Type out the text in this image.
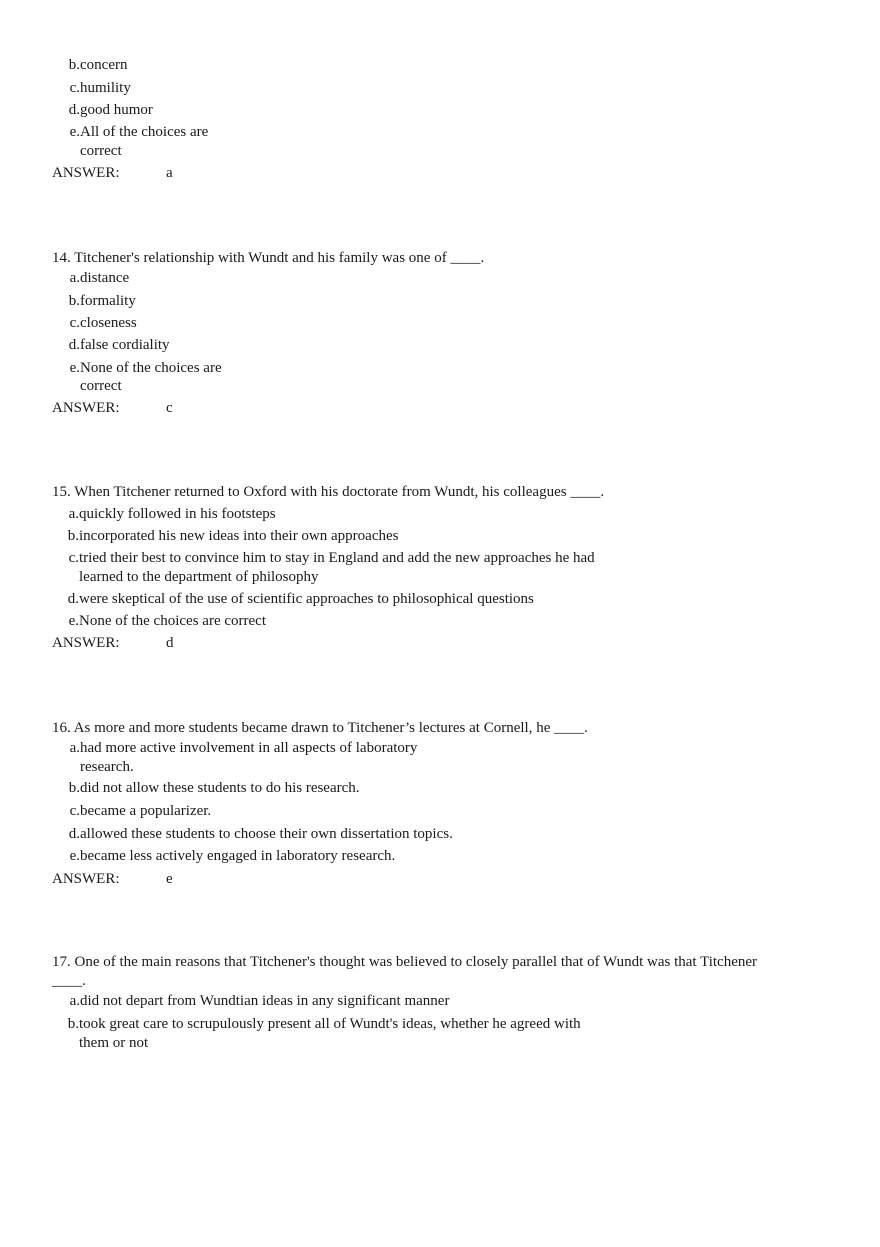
b. concern
c. humility
d. good humor
e. All of the choices are
correct
ANSWER:	a
14. Titchener's relationship with Wundt and his family was one of ____.
a. distance
b. formality
c. closeness
d. false cordiality
e. None of the choices are
correct
ANSWER:	c
15. When Titchener returned to Oxford with his doctorate from Wundt, his colleagues ____.
a. quickly followed in his footsteps
b. incorporated his new ideas into their own approaches
c. tried their best to convince him to stay in England and add the new approaches he had
learned to the department of philosophy
d. were skeptical of the use of scientific approaches to philosophical questions
e. None of the choices are correct
ANSWER:	d
16. As more and more students became drawn to Titchener’s lectures at Cornell, he ____.
a. had more active involvement in all aspects of laboratory
research.
b. did not allow these students to do his research.
c. became a popularizer.
d. allowed these students to choose their own dissertation topics.
e. became less actively engaged in laboratory research.
ANSWER:	e
17. One of the main reasons that Titchener's thought was believed to closely parallel that of Wundt was that Titchener
____.
a. did not depart from Wundtian ideas in any significant manner
b. took great care to scrupulously present all of Wundt's ideas, whether he agreed with
them or not
